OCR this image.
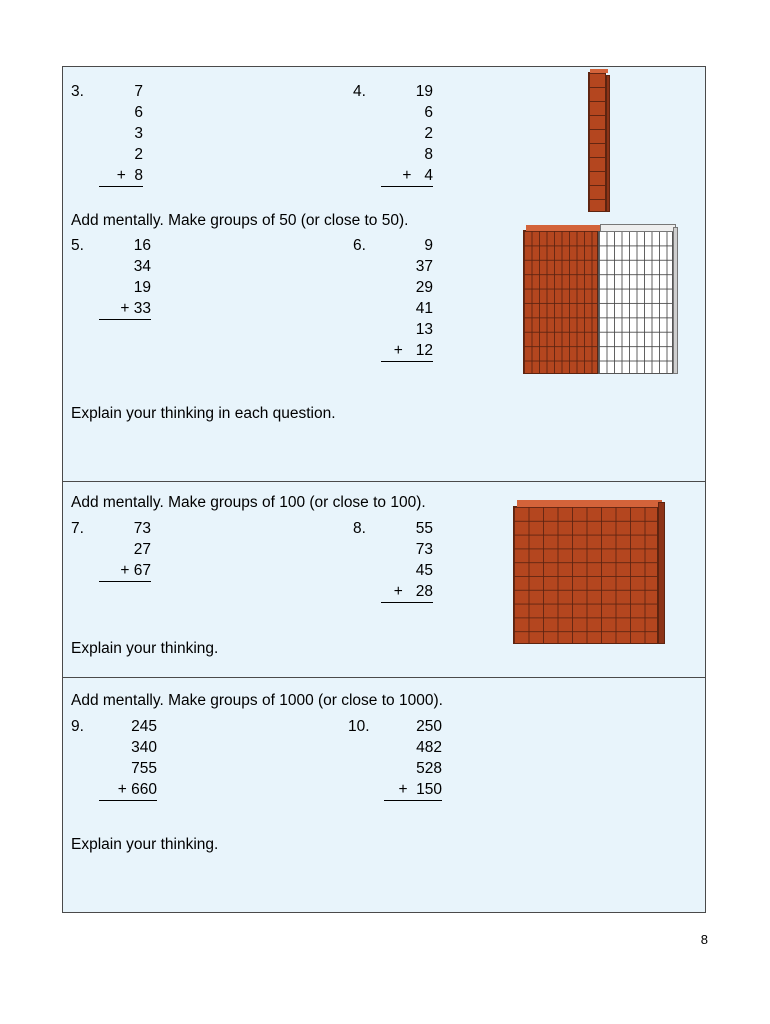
3.	7
6
3
2
+  8
4.	19
6
2
8
+   4
Add mentally. Make groups of 50 (or close to 50).
5.	16
34
19
+ 33
6.	9
37
29
41
13
+   12
Explain your thinking in each question.
Add mentally. Make groups of 100 (or close to 100).
7.	73
27
+ 67
8.	55
73
45
+   28
Explain your thinking.
Add mentally. Make groups of 1000 (or close to 1000).
9.	245
340
755
+ 660
10.	250
482
528
+  150
Explain your thinking.
8
